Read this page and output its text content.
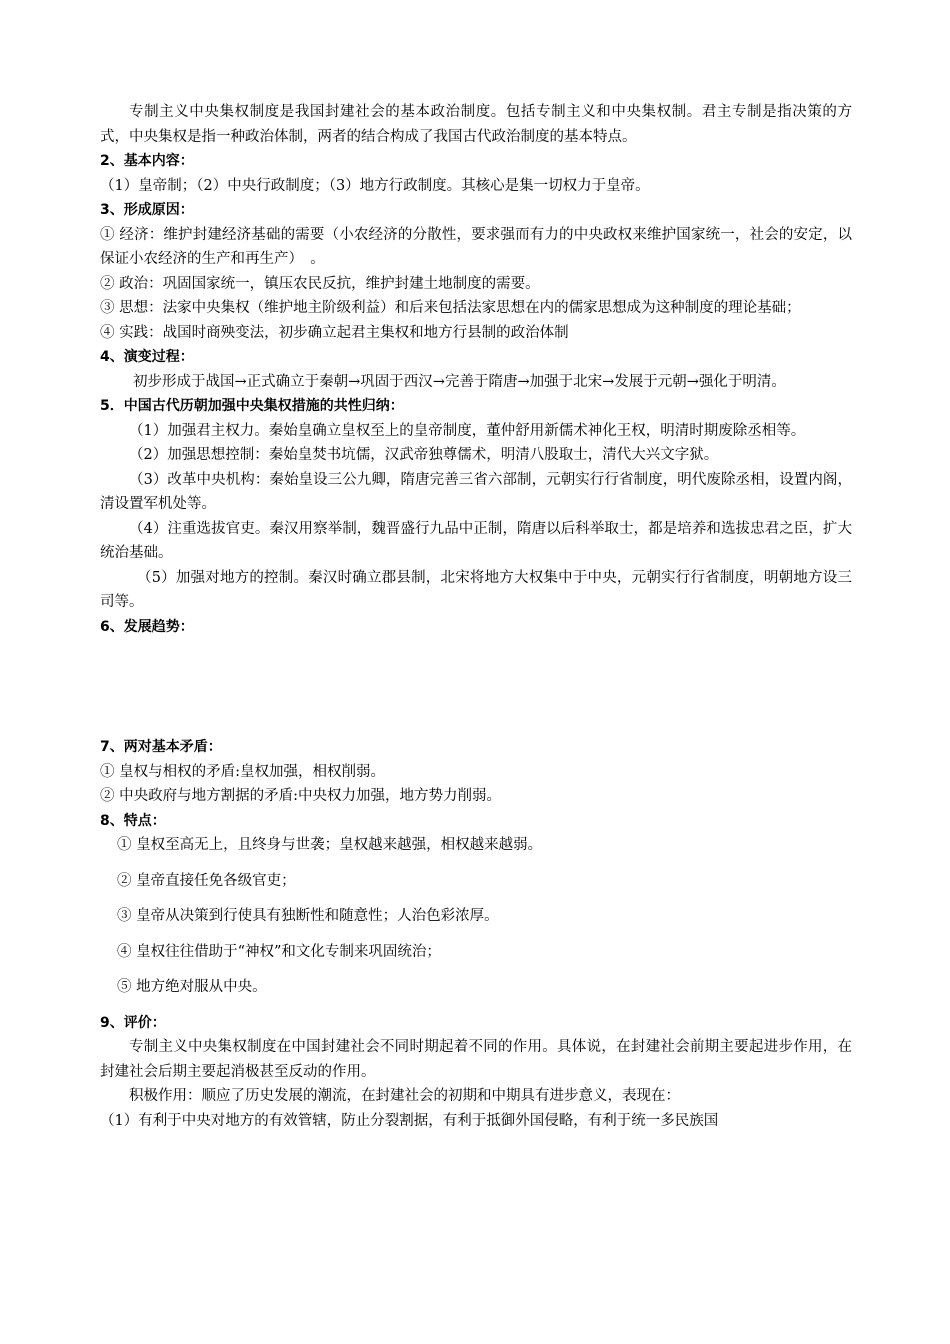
专制主义中央集权制度是我国封建社会的基本政治制度。包括专制主义和中央集权制。君主专制是指决策的方式，中央集权是指一种政治体制，两者的结合构成了我国古代政治制度的基本特点。

2、基本内容：

（1）皇帝制；（2）中央行政制度；（3）地方行政制度。其核心是集一切权力于皇帝。

3、形成原因：

① 经济：维护封建经济基础的需要（小农经济的分散性，要求强而有力的中央政权来维护国家统一，社会的安定，以保证小农经济的生产和再生产）　。

② 政治：巩固国家统一，镇压农民反抗，维护封建土地制度的需要。

③ 思想：法家中央集权（维护地主阶级利益）和后来包括法家思想在内的儒家思想成为这种制度的理论基础；

④ 实践：战国时商殃变法，初步确立起君主集权和地方行县制的政治体制

4、演变过程：

初步形成于战国→正式确立于秦朝→巩固于西汉→完善于隋唐→加强于北宋→发展于元朝→强化于明清。

5．中国古代历朝加强中央集权措施的共性归纳：

（1）加强君主权力。秦始皇确立皇权至上的皇帝制度，董仲舒用新儒术神化王权，明清时期废除丞相等。

（2）加强思想控制：秦始皇焚书坑儒，汉武帝独尊儒术，明清八股取士，清代大兴文字狱。

（3）改革中央机构：秦始皇设三公九卿，隋唐完善三省六部制，元朝实行行省制度，明代废除丞相，设置内阁，清设置军机处等。

（4）注重选拔官吏。秦汉用察举制，魏晋盛行九品中正制，隋唐以后科举取士，都是培养和选拔忠君之臣，扩大统治基础。

（5）加强对地方的控制。秦汉时确立郡县制，北宋将地方大权集中于中央，元朝实行行省制度，明朝地方设三司等。

6、发展趋势：

7、两对基本矛盾：

① 皇权与相权的矛盾:皇权加强，相权削弱。

② 中央政府与地方割据的矛盾:中央权力加强，地方势力削弱。

8、特点：

① 皇权至高无上，且终身与世袭；皇权越来越强，相权越来越弱。

② 皇帝直接任免各级官吏；

③ 皇帝从决策到行使具有独断性和随意性；人治色彩浓厚。

④ 皇权往往借助于“神权”和文化专制来巩固统治；

⑤ 地方绝对服从中央。

9、评价：

专制主义中央集权制度在中国封建社会不同时期起着不同的作用。具体说，在封建社会前期主要起进步作用，在封建社会后期主要起消极甚至反动的作用。

积极作用：顺应了历史发展的潮流，在封建社会的初期和中期具有进步意义，表现在：

（1）有利于中央对地方的有效管辖，防止分裂割据，有利于抵御外国侵略，有利于统一多民族国
